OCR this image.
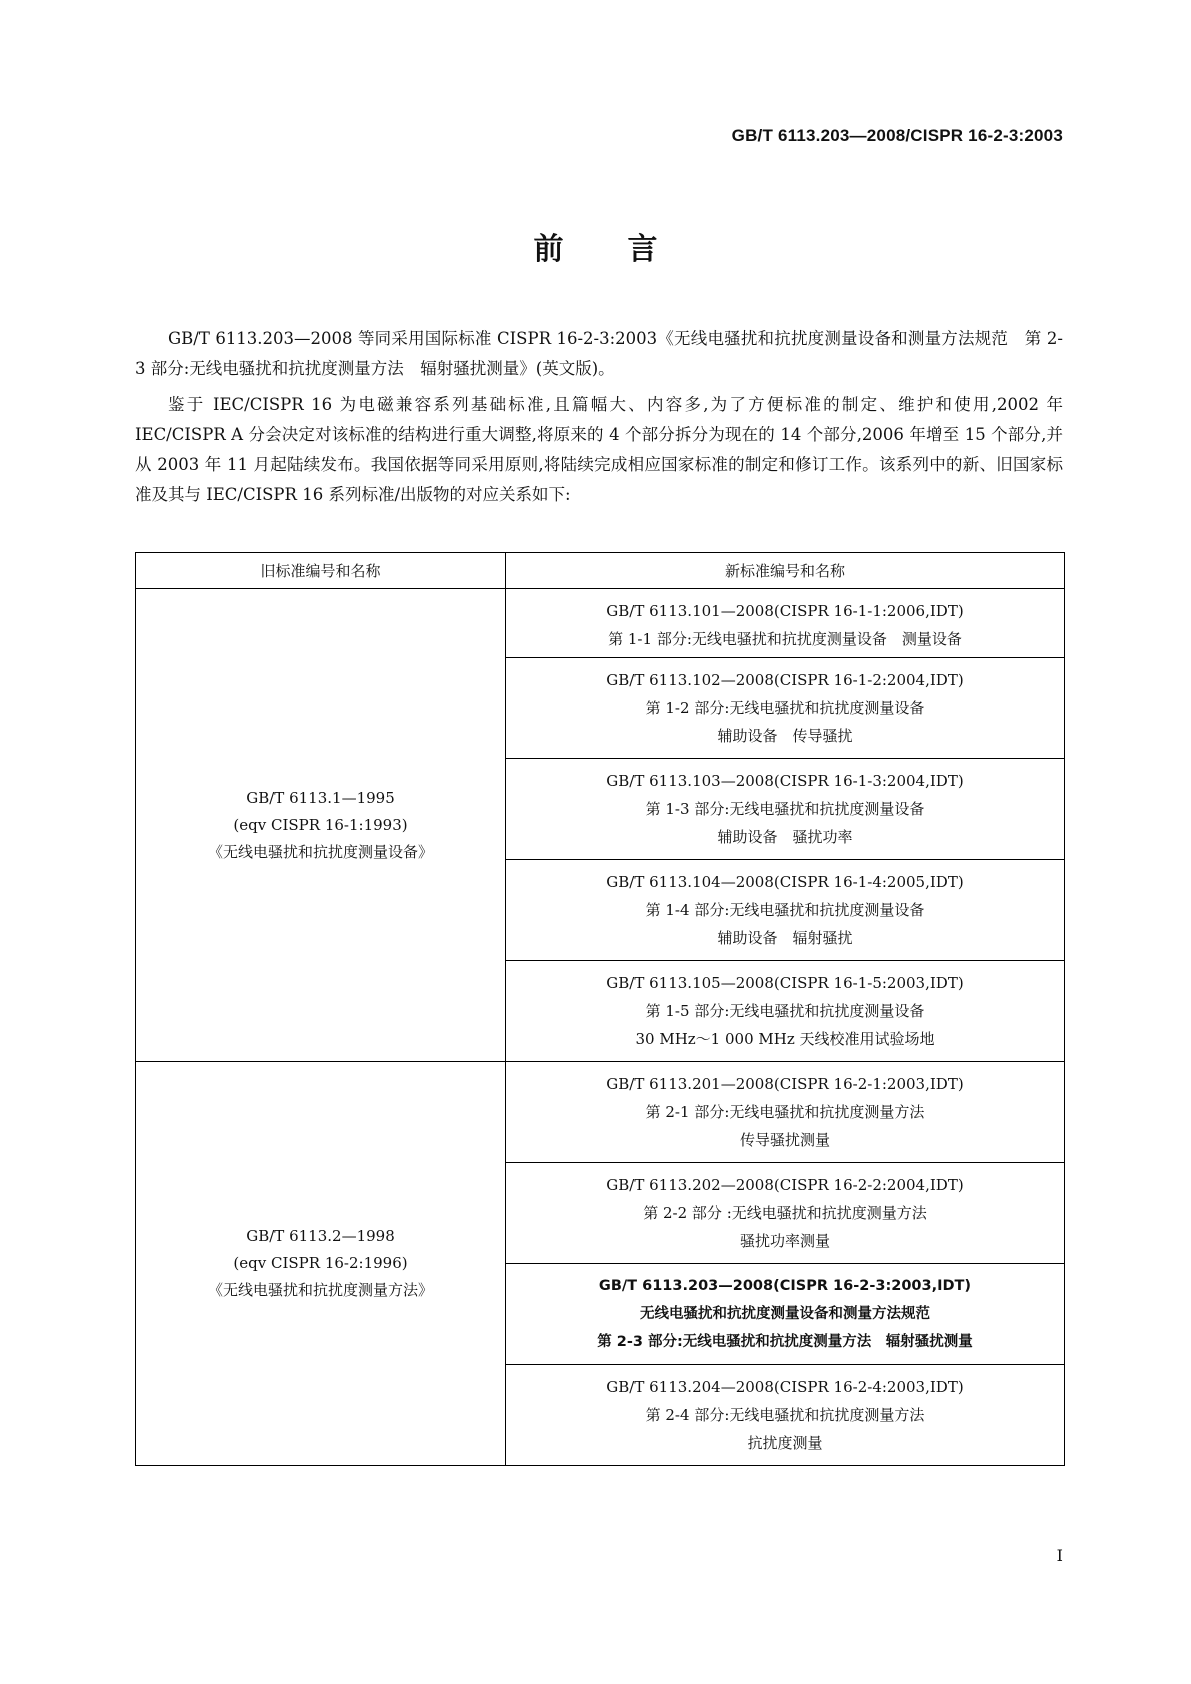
GB/T 6113.203—2008/CISPR 16-2-3:2003
前言

GB/T 6113.203—2008 等同采用国际标准 CISPR 16-2-3:2003《无线电骚扰和抗扰度测量设备和测量方法规范　第 2-3 部分:无线电骚扰和抗扰度测量方法　辐射骚扰测量》(英文版)。

鉴于 IEC/CISPR 16 为电磁兼容系列基础标准,且篇幅大、内容多,为了方便标准的制定、维护和使用,2002 年 IEC/CISPR A 分会决定对该标准的结构进行重大调整,将原来的 4 个部分拆分为现在的 14 个部分,2006 年增至 15 个部分,并从 2003 年 11 月起陆续发布。我国依据等同采用原则,将陆续完成相应国家标准的制定和修订工作。该系列中的新、旧国家标准及其与 IEC/CISPR 16 系列标准/出版物的对应关系如下:

旧标准编号和名称	新标准编号和名称

GB/T 6113.1—1995
(eqv CISPR 16-1:1993)
《无线电骚扰和抗扰度测量设备》	GB/T 6113.101—2008(CISPR 16-1-1:2006,IDT)
第 1-1 部分:无线电骚扰和抗扰度测量设备　测量设备

	GB/T 6113.102—2008(CISPR 16-1-2:2004,IDT)
第 1-2 部分:无线电骚扰和抗扰度测量设备
辅助设备　传导骚扰

	GB/T 6113.103—2008(CISPR 16-1-3:2004,IDT)
第 1-3 部分:无线电骚扰和抗扰度测量设备
辅助设备　骚扰功率

	GB/T 6113.104—2008(CISPR 16-1-4:2005,IDT)
第 1-4 部分:无线电骚扰和抗扰度测量设备
辅助设备　辐射骚扰

	GB/T 6113.105—2008(CISPR 16-1-5:2003,IDT)
第 1-5 部分:无线电骚扰和抗扰度测量设备
30 MHz～1 000 MHz 天线校准用试验场地

GB/T 6113.2—1998
(eqv CISPR 16-2:1996)
《无线电骚扰和抗扰度测量方法》	GB/T 6113.201—2008(CISPR 16-2-1:2003,IDT)
第 2-1 部分:无线电骚扰和抗扰度测量方法
传导骚扰测量

	GB/T 6113.202—2008(CISPR 16-2-2:2004,IDT)
第 2-2 部分 :无线电骚扰和抗扰度测量方法
骚扰功率测量

	GB/T 6113.203—2008(CISPR 16-2-3:2003,IDT)
无线电骚扰和抗扰度测量设备和测量方法规范
第 2-3 部分:无线电骚扰和抗扰度测量方法　辐射骚扰测量

	GB/T 6113.204—2008(CISPR 16-2-4:2003,IDT)
第 2-4 部分:无线电骚扰和抗扰度测量方法
抗扰度测量
I
